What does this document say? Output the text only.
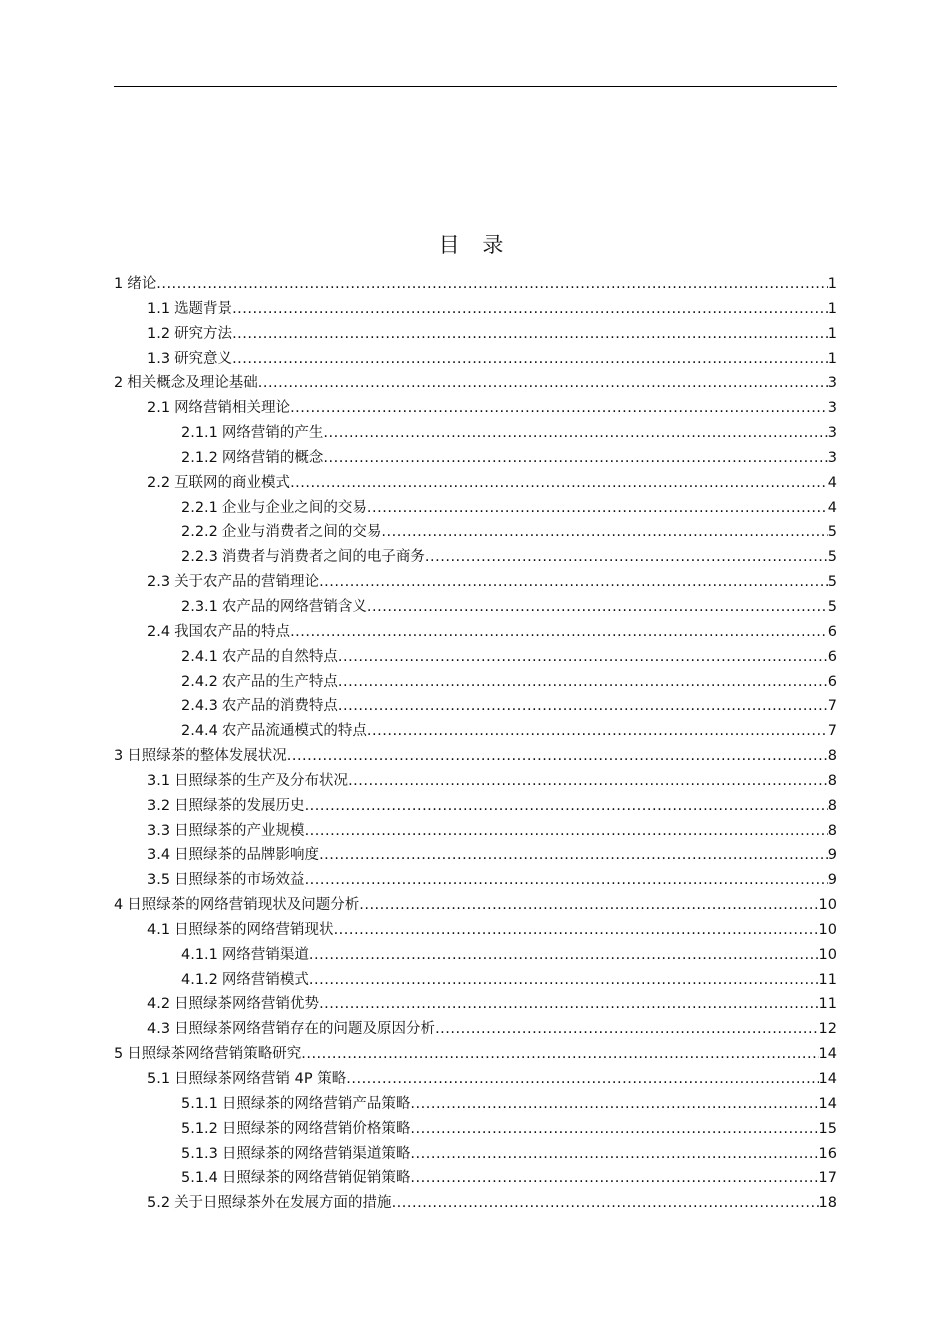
目 录
1 绪论 .....	1
1.1 选题背景 .....	1
1.2 研究方法 .....	1
1.3 研究意义 .....	1
2 相关概念及理论基础 .....	3
2.1 网络营销相关理论 .....	3
2.1.1 网络营销的产生 .....	3
2.1.2 网络营销的概念 .....	3
2.2 互联网的商业模式 .....	4
2.2.1 企业与企业之间的交易 .....	4
2.2.2 企业与消费者之间的交易 .....	5
2.2.3 消费者与消费者之间的电子商务 .....	5
2.3 关于农产品的营销理论 .....	5
2.3.1 农产品的网络营销含义 .....	5
2.4 我国农产品的特点 .....	6
2.4.1 农产品的自然特点 .....	6
2.4.2 农产品的生产特点 .....	6
2.4.3 农产品的消费特点 .....	7
2.4.4 农产品流通模式的特点 .....	7
3 日照绿茶的整体发展状况 .....	8
3.1 日照绿茶的生产及分布状况 .....	8
3.2 日照绿茶的发展历史 .....	8
3.3 日照绿茶的产业规模 .....	8
3.4 日照绿茶的品牌影响度 .....	9
3.5 日照绿茶的市场效益 .....	9
4 日照绿茶的网络营销现状及问题分析 .....	10
4.1 日照绿茶的网络营销现状 .....	10
4.1.1 网络营销渠道 .....	10
4.1.2 网络营销模式 .....	11
4.2 日照绿茶网络营销优势 .....	11
4.3 日照绿茶网络营销存在的问题及原因分析 .....	12
5 日照绿茶网络营销策略研究 .....	14
5.1 日照绿茶网络营销 4P 策略 .....	14
5.1.1 日照绿茶的网络营销产品策略 .....	14
5.1.2 日照绿茶的网络营销价格策略 .....	15
5.1.3 日照绿茶的网络营销渠道策略 .....	16
5.1.4 日照绿茶的网络营销促销策略 .....	17
5.2 关于日照绿茶外在发展方面的措施 .....	18
